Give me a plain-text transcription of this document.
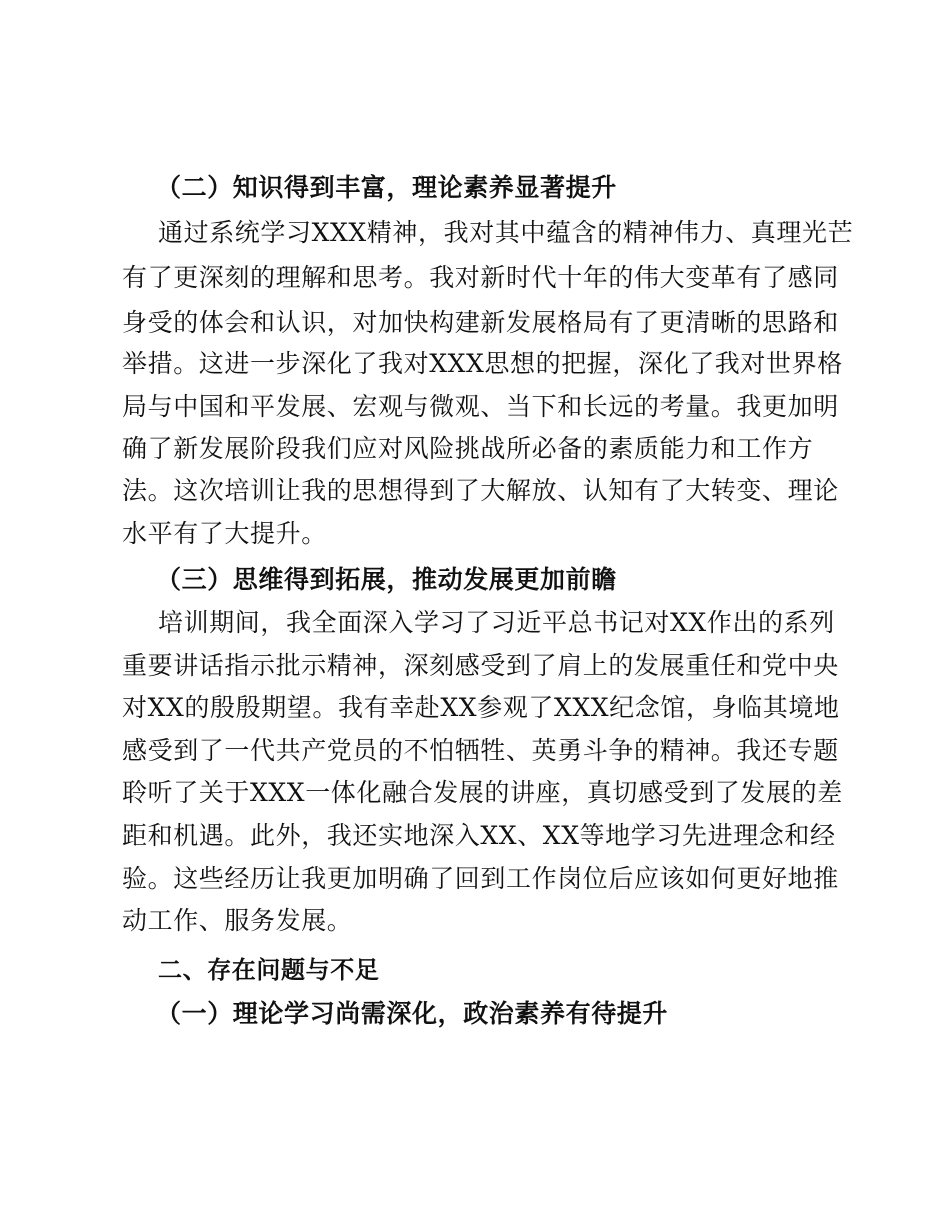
（二）知识得到丰富，理论素养显著提升
通过系统学习XXX精神，我对其中蕴含的精神伟力、真理光芒
有了更深刻的理解和思考。我对新时代十年的伟大变革有了感同
身受的体会和认识，对加快构建新发展格局有了更清晰的思路和
举措。这进一步深化了我对XXX思想的把握，深化了我对世界格
局与中国和平发展、宏观与微观、当下和长远的考量。我更加明
确了新发展阶段我们应对风险挑战所必备的素质能力和工作方
法。这次培训让我的思想得到了大解放、认知有了大转变、理论
水平有了大提升。
（三）思维得到拓展，推动发展更加前瞻
培训期间，我全面深入学习了习近平总书记对XX作出的系列
重要讲话指示批示精神，深刻感受到了肩上的发展重任和党中央
对XX的殷殷期望。我有幸赴XX参观了XXX纪念馆，身临其境地
感受到了一代共产党员的不怕牺牲、英勇斗争的精神。我还专题
聆听了关于XXX一体化融合发展的讲座，真切感受到了发展的差
距和机遇。此外，我还实地深入XX、XX等地学习先进理念和经
验。这些经历让我更加明确了回到工作岗位后应该如何更好地推
动工作、服务发展。
二、存在问题与不足
（一）理论学习尚需深化，政治素养有待提升
